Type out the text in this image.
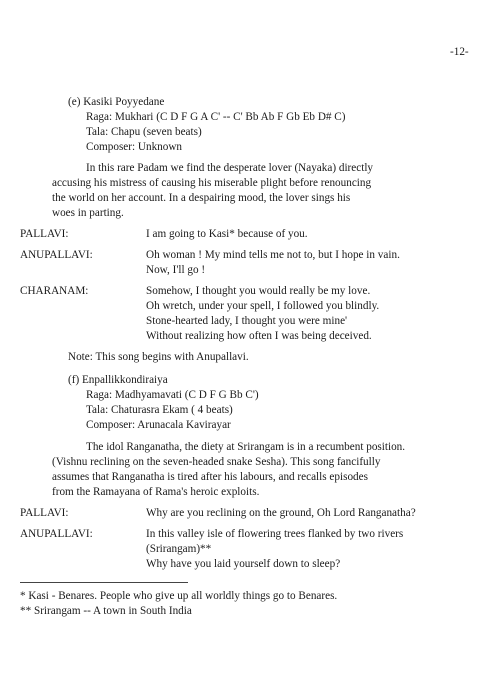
-12-
(e) Kasiki Poyyedane
Raga: Mukhari (C D F G A C' -- C' Bb Ab F Gb Eb D# C)
Tala: Chapu (seven beats)
Composer: Unknown
In this rare Padam we find the desperate lover (Nayaka) directly
accusing his mistress of causing his miserable plight before renouncing
the world on her account. In a despairing mood, the lover sings his
woes in parting.
PALLAVI:	I am going to Kasi* because of you.
ANUPALLAVI:	Oh woman ! My mind tells me not to, but I hope in vain.
Now, I'll go !
CHARANAM:	Somehow, I thought you would really be my love.
Oh wretch, under your spell, I followed you blindly.
Stone-hearted lady, I thought you were mine'
Without realizing how often I was being deceived.
Note: This song begins with Anupallavi.
(f) Enpallikkondiraiya
Raga: Madhyamavati (C D F G Bb C')
Tala: Chaturasra Ekam ( 4 beats)
Composer: Arunacala Kavirayar
The idol Ranganatha, the diety at Srirangam is in a recumbent position.
(Vishnu reclining on the seven-headed snake Sesha). This song fancifully
assumes that Ranganatha is tired after his labours, and recalls episodes
from the Ramayana of Rama's heroic exploits.
PALLAVI:	Why are you reclining on the ground, Oh Lord Ranganatha?
ANUPALLAVI:	In this valley isle of flowering trees flanked by two rivers
(Srirangam)**
Why have you laid yourself down to sleep?
* Kasi - Benares. People who give up all worldly things go to Benares.
** Srirangam -- A town in South India
